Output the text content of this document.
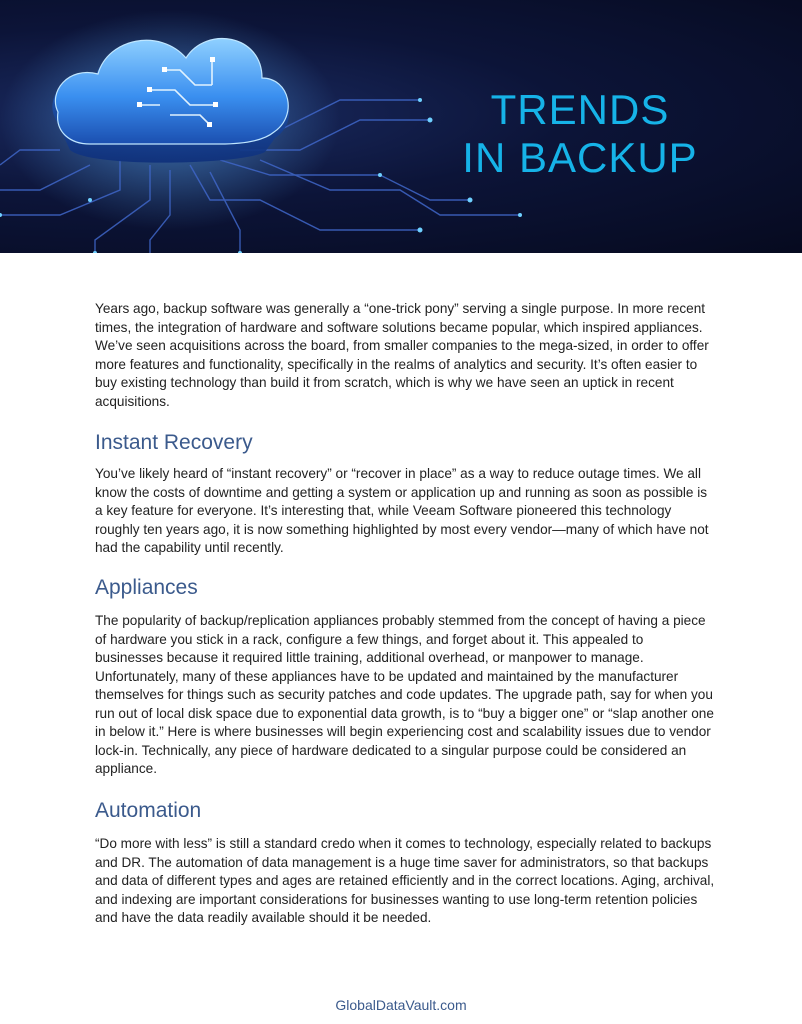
TRENDS
IN BACKUP

Years ago, backup software was generally a “one-trick pony” serving a single purpose. In more recent times, the integration of hardware and software solutions became popular, which inspired appliances. We’ve seen acquisitions across the board, from smaller companies to the mega-sized, in order to offer more features and functionality, specifically in the realms of analytics and security. It’s often easier to buy existing technology than build it from scratch, which is why we have seen an uptick in recent acquisitions.

Instant Recovery

You’ve likely heard of “instant recovery” or “recover in place” as a way to reduce outage times. We all know the costs of downtime and getting a system or application up and running as soon as possible is a key feature for everyone. It’s interesting that, while Veeam Software pioneered this technology roughly ten years ago, it is now something highlighted by most every vendor—many of which have not had the capability until recently.

Appliances

The popularity of backup/replication appliances probably stemmed from the concept of having a piece of hardware you stick in a rack, configure a few things, and forget about it. This appealed to businesses because it required little training, additional overhead, or manpower to manage. Unfortunately, many of these appliances have to be updated and maintained by the manufacturer themselves for things such as security patches and code updates. The upgrade path, say for when you run out of local disk space due to exponential data growth, is to “buy a bigger one” or “slap another one in below it.” Here is where businesses will begin experiencing cost and scalability issues due to vendor lock-in. Technically, any piece of hardware dedicated to a singular purpose could be considered an appliance.

Automation

“Do more with less” is still a standard credo when it comes to technology, especially related to backups and DR. The automation of data management is a huge time saver for administrators, so that backups and data of different types and ages are retained efficiently and in the correct locations. Aging, archival, and indexing are important considerations for businesses wanting to use long-term retention policies and have the data readily available should it be needed.

GlobalDataVault.com
